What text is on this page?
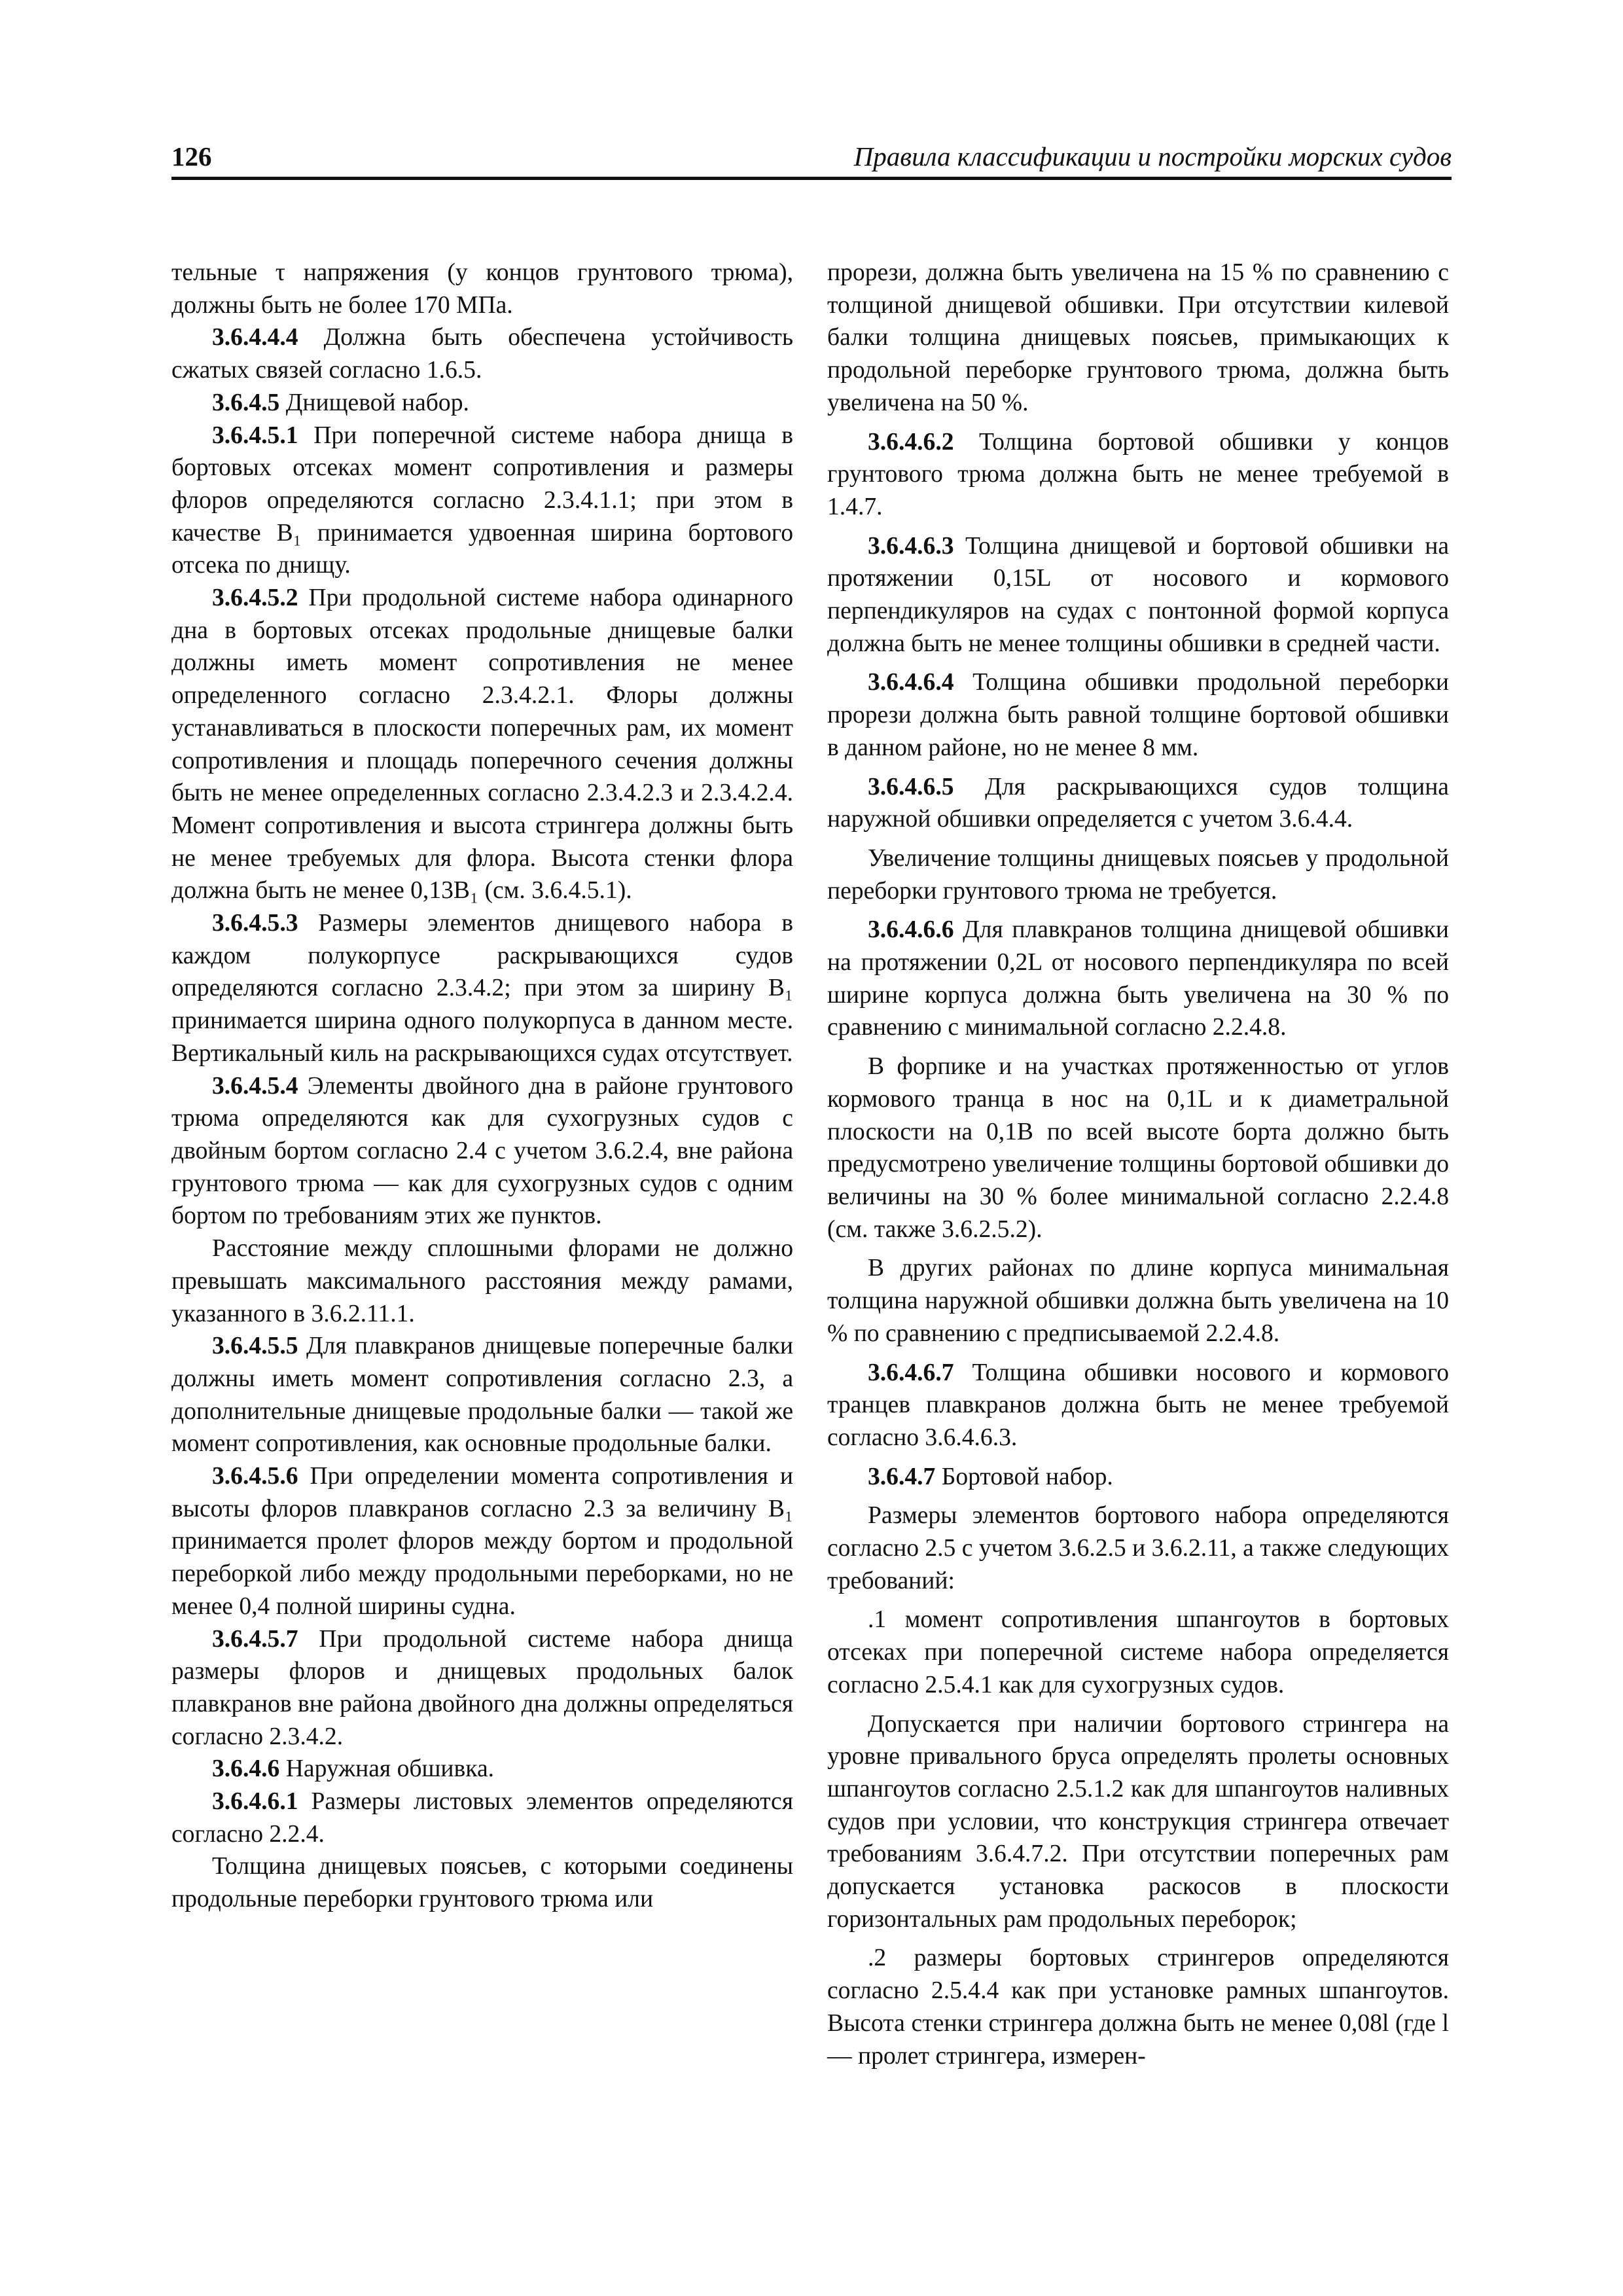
126	Правила классификации и постройки морских судов

тельные τ напряжения (у концов грунтового трюма), должны быть не более 170 МПа.

3.6.4.4.4 Должна быть обеспечена устойчивость сжатых связей согласно 1.6.5.

3.6.4.5 Днищевой набор.

3.6.4.5.1 При поперечной системе набора днища в бортовых отсеках момент сопротивления и размеры флоров определяются согласно 2.3.4.1.1; при этом в качестве B₁ принимается удвоенная ширина бортового отсека по днищу.

3.6.4.5.2 При продольной системе набора одинарного дна в бортовых отсеках продольные днищевые балки должны иметь момент сопротивления не менее определенного согласно 2.3.4.2.1. Флоры должны устанавливаться в плоскости поперечных рам, их момент сопротивления и площадь поперечного сечения должны быть не менее определенных согласно 2.3.4.2.3 и 2.3.4.2.4. Момент сопротивления и высота стрингера должны быть не менее требуемых для флора. Высота стенки флора должна быть не менее 0,13B₁ (см. 3.6.4.5.1).

3.6.4.5.3 Размеры элементов днищевого набора в каждом полукорпусе раскрывающихся судов определяются согласно 2.3.4.2; при этом за ширину B₁ принимается ширина одного полукорпуса в данном месте. Вертикальный киль на раскрывающихся судах отсутствует.

3.6.4.5.4 Элементы двойного дна в районе грунтового трюма определяются как для сухогрузных судов с двойным бортом согласно 2.4 с учетом 3.6.2.4, вне района грунтового трюма — как для сухогрузных судов с одним бортом по требованиям этих же пунктов.

Расстояние между сплошными флорами не должно превышать максимального расстояния между рамами, указанного в 3.6.2.11.1.

3.6.4.5.5 Для плавкранов днищевые поперечные балки должны иметь момент сопротивления согласно 2.3, а дополнительные днищевые продольные балки — такой же момент сопротивления, как основные продольные балки.

3.6.4.5.6 При определении момента сопротивления и высоты флоров плавкранов согласно 2.3 за величину B₁ принимается пролет флоров между бортом и продольной переборкой либо между продольными переборками, но не менее 0,4 полной ширины судна.

3.6.4.5.7 При продольной системе набора днища размеры флоров и днищевых продольных балок плавкранов вне района двойного дна должны определяться согласно 2.3.4.2.

3.6.4.6 Наружная обшивка.

3.6.4.6.1 Размеры листовых элементов определяются согласно 2.2.4.

Толщина днищевых поясьев, с которыми соединены продольные переборки грунтового трюма или

прорези, должна быть увеличена на 15 % по сравнению с толщиной днищевой обшивки. При отсутствии килевой балки толщина днищевых поясьев, примыкающих к продольной переборке грунтового трюма, должна быть увеличена на 50 %.

3.6.4.6.2 Толщина бортовой обшивки у концов грунтового трюма должна быть не менее требуемой в 1.4.7.

3.6.4.6.3 Толщина днищевой и бортовой обшивки на протяжении 0,15L от носового и кормового перпендикуляров на судах с понтонной формой корпуса должна быть не менее толщины обшивки в средней части.

3.6.4.6.4 Толщина обшивки продольной переборки прорези должна быть равной толщине бортовой обшивки в данном районе, но не менее 8 мм.

3.6.4.6.5 Для раскрывающихся судов толщина наружной обшивки определяется с учетом 3.6.4.4.

Увеличение толщины днищевых поясьев у продольной переборки грунтового трюма не требуется.

3.6.4.6.6 Для плавкранов толщина днищевой обшивки на протяжении 0,2L от носового перпендикуляра по всей ширине корпуса должна быть увеличена на 30 % по сравнению с минимальной согласно 2.2.4.8.

В форпике и на участках протяженностью от углов кормового транца в нос на 0,1L и к диаметральной плоскости на 0,1B по всей высоте борта должно быть предусмотрено увеличение толщины бортовой обшивки до величины на 30 % более минимальной согласно 2.2.4.8 (см. также 3.6.2.5.2).

В других районах по длине корпуса минимальная толщина наружной обшивки должна быть увеличена на 10 % по сравнению с предписываемой 2.2.4.8.

3.6.4.6.7 Толщина обшивки носового и кормового транцев плавкранов должна быть не менее требуемой согласно 3.6.4.6.3.

3.6.4.7 Бортовой набор.

Размеры элементов бортового набора определяются согласно 2.5 с учетом 3.6.2.5 и 3.6.2.11, а также следующих требований:

.1 момент сопротивления шпангоутов в бортовых отсеках при поперечной системе набора определяется согласно 2.5.4.1 как для сухогрузных судов.

Допускается при наличии бортового стрингера на уровне привального бруса определять пролеты основных шпангоутов согласно 2.5.1.2 как для шпангоутов наливных судов при условии, что конструкция стрингера отвечает требованиям 3.6.4.7.2. При отсутствии поперечных рам допускается установка раскосов в плоскости горизонтальных рам продольных переборок;

.2 размеры бортовых стрингеров определяются согласно 2.5.4.4 как при установке рамных шпангоутов. Высота стенки стрингера должна быть не менее 0,08l (где l — пролет стрингера, измерен-
